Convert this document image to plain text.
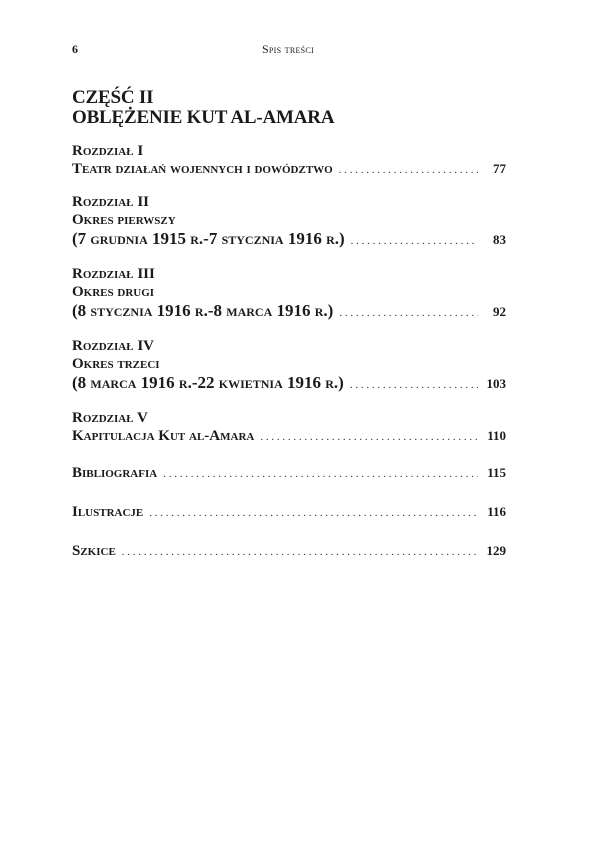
6	Spis treści
CZĘŚĆ II
OBLĘŻENIE KUT AL-AMARA
Rozdział I
Teatr działań wojennych i dowództwo . . .	77
Rozdział II
Okres pierwszy
(7 grudnia 1915 r.-7 stycznia 1916 r.) . . .	83
Rozdział III
Okres drugi
(8 stycznia 1916 r.-8 marca 1916 r.) . . .	92
Rozdział IV
Okres trzeci
(8 marca 1916 r.-22 kwietnia 1916 r.) . . .	103
Rozdział V
Kapitulacja Kut al-Amara . . .	110
Bibliografia . . .	115
Ilustracje . . .	116
Szkice . . .	129
